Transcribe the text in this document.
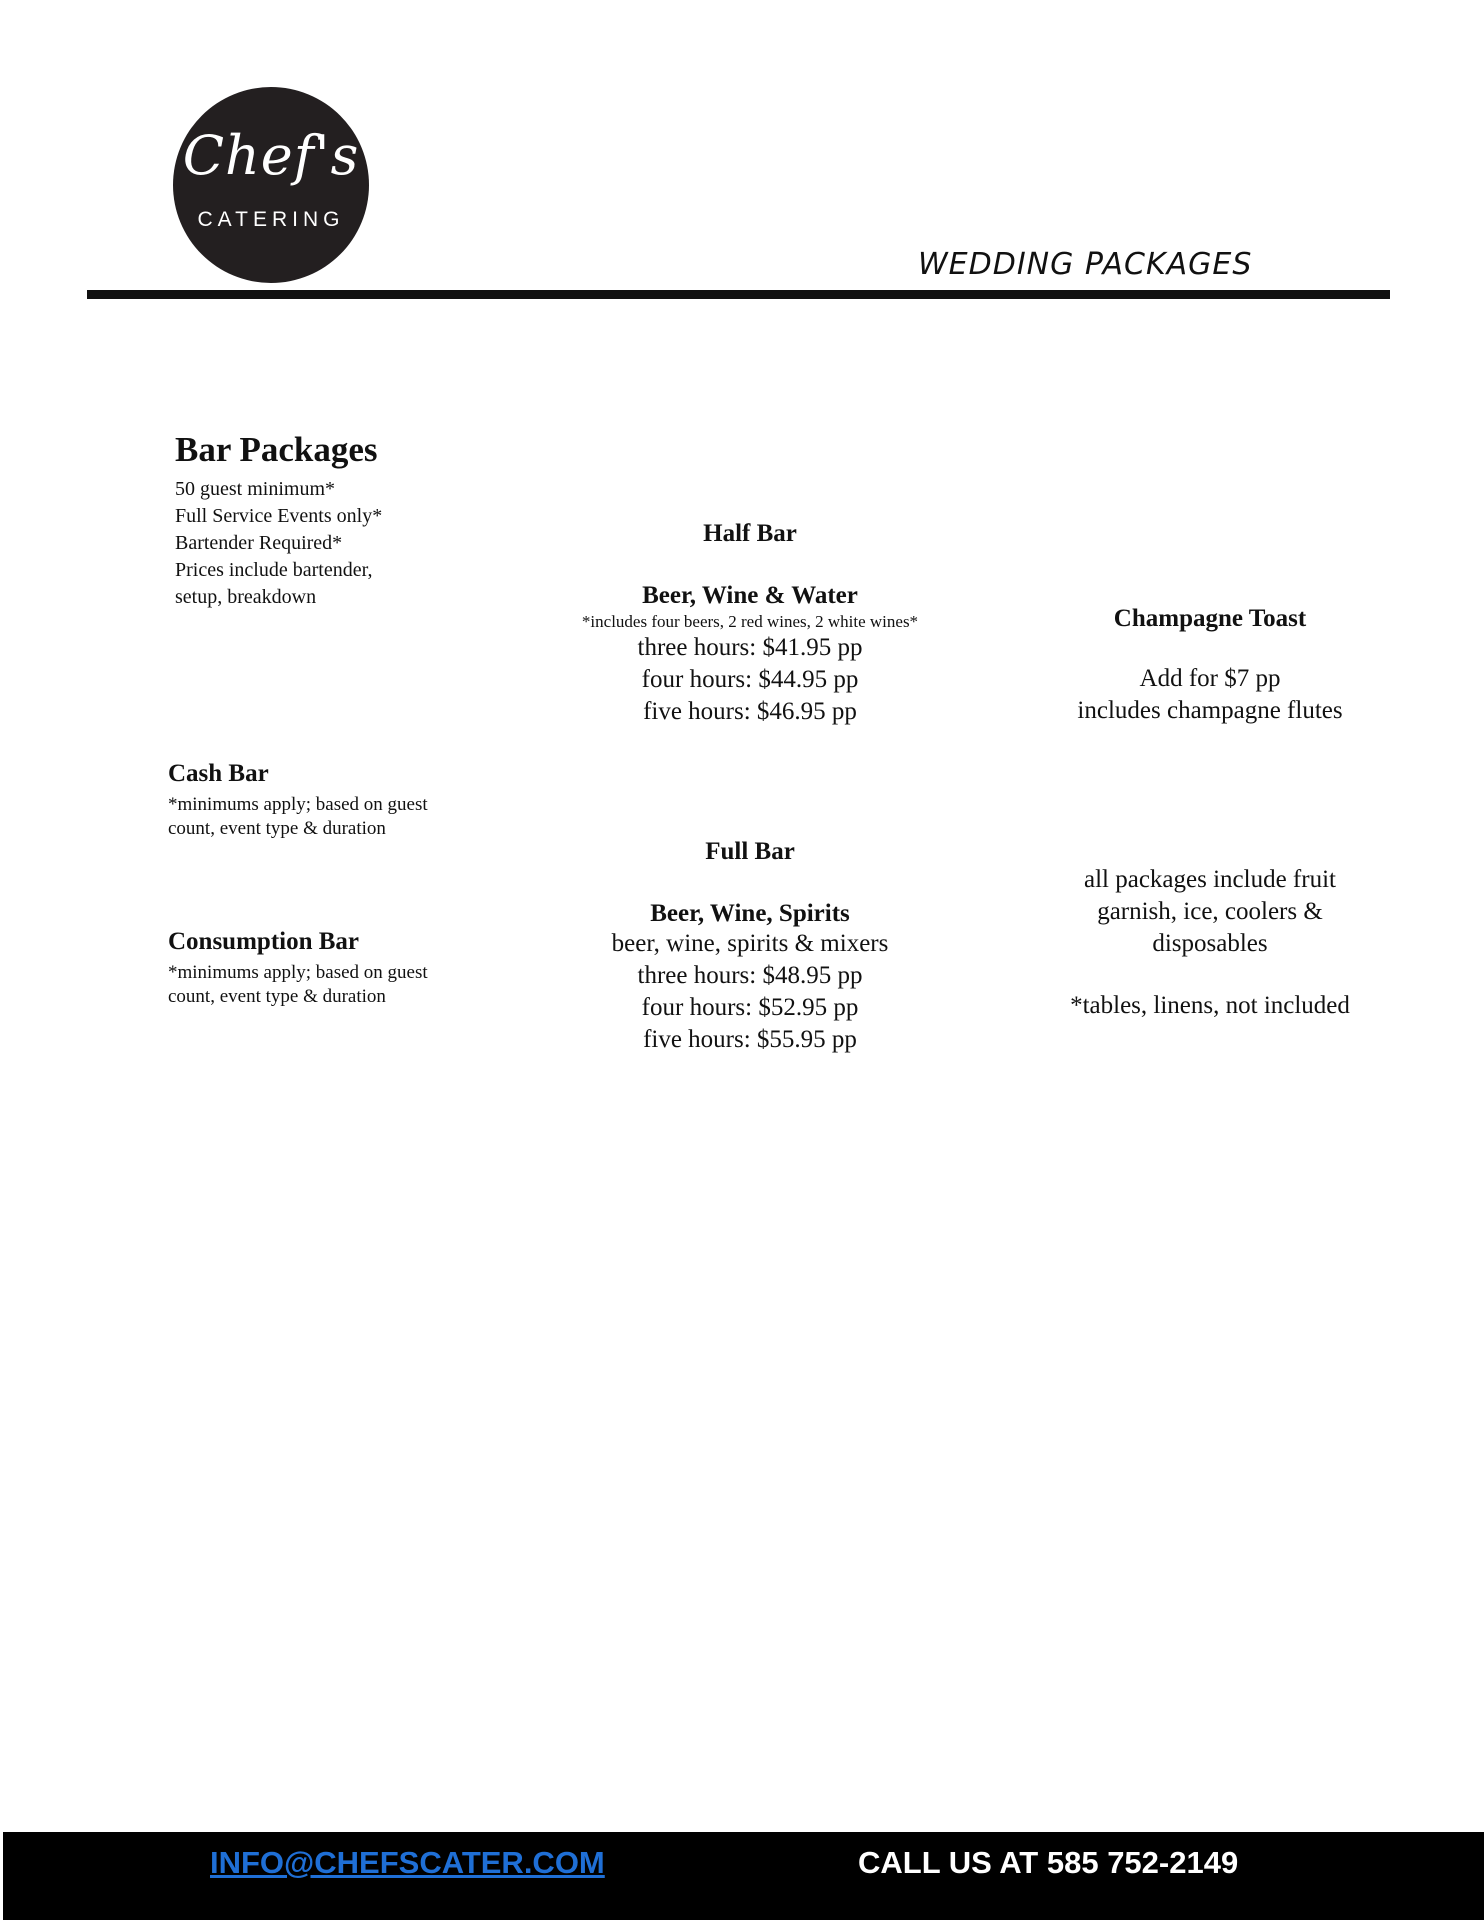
Chef's
CATERING
WEDDING PACKAGES
Bar Packages
50 guest minimum*
Full Service Events only*
Bartender Required*
Prices include bartender,
setup, breakdown
Cash Bar
*minimums apply; based on guest count, event type & duration
Consumption Bar
*minimums apply; based on guest count, event type & duration
Half Bar
Beer, Wine & Water
*includes four beers, 2 red wines, 2 white wines*
three hours: $41.95 pp
four hours: $44.95 pp
five hours: $46.95 pp
Full Bar
Beer, Wine, Spirits
beer, wine, spirits & mixers
three hours: $48.95 pp
four hours: $52.95 pp
five hours: $55.95 pp
Champagne Toast
Add for $7 pp
includes champagne flutes
all packages include fruit garnish, ice, coolers & disposables
*tables, linens, not included
INFO@CHEFSCATER.COM	CALL US AT 585 752-2149
